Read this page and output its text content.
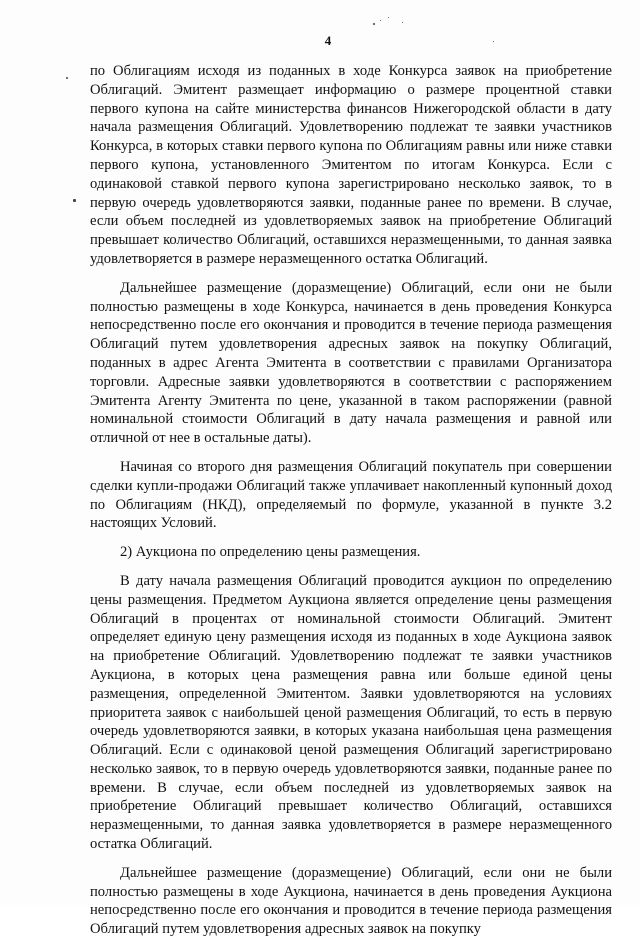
4

по Облигациям исходя из поданных в ходе Конкурса заявок на приобретение Облигаций. Эмитент размещает информацию о размере процентной ставки первого купона на сайте министерства финансов Нижегородской области в дату начала размещения Облигаций. Удовлетворению подлежат те заявки участников Конкурса, в которых ставки первого купона по Облигациям равны или ниже ставки первого купона, установленного Эмитентом по итогам Конкурса. Если с одинаковой ставкой первого купона зарегистрировано несколько заявок, то в первую очередь удовлетворяются заявки, поданные ранее по времени. В случае, если объем последней из удовлетворяемых заявок на приобретение Облигаций превышает количество Облигаций, оставшихся неразмещенными, то данная заявка удовлетворяется в размере неразмещенного остатка Облигаций.

Дальнейшее размещение (доразмещение) Облигаций, если они не были полностью размещены в ходе Конкурса, начинается в день проведения Конкурса непосредственно после его окончания и проводится в течение периода размещения Облигаций путем удовлетворения адресных заявок на покупку Облигаций, поданных в адрес Агента Эмитента в соответствии с правилами Организатора торговли. Адресные заявки удовлетворяются в соответствии с распоряжением Эмитента Агенту Эмитента по цене, указанной в таком распоряжении (равной номинальной стоимости Облигаций в дату начала размещения и равной или отличной от нее в остальные даты).

Начиная со второго дня размещения Облигаций покупатель при совершении сделки купли-продажи Облигаций также уплачивает накопленный купонный доход по Облигациям (НКД), определяемый по формуле, указанной в пункте 3.2 настоящих Условий.

2) Аукциона по определению цены размещения.

В дату начала размещения Облигаций проводится аукцион по определению цены размещения. Предметом Аукциона является определение цены размещения Облигаций в процентах от номинальной стоимости Облигаций. Эмитент определяет единую цену размещения исходя из поданных в ходе Аукциона заявок на приобретение Облигаций. Удовлетворению подлежат те заявки участников Аукциона, в которых цена размещения равна или больше единой цены размещения, определенной Эмитентом. Заявки удовлетворяются на условиях приоритета заявок с наибольшей ценой размещения Облигаций, то есть в первую очередь удовлетворяются заявки, в которых указана наибольшая цена размещения Облигаций. Если с одинаковой ценой размещения Облигаций зарегистрировано несколько заявок, то в первую очередь удовлетворяются заявки, поданные ранее по времени. В случае, если объем последней из удовлетворяемых заявок на приобретение Облигаций превышает количество Облигаций, оставшихся неразмещенными, то данная заявка удовлетворяется в размере неразмещенного остатка Облигаций.

Дальнейшее размещение (доразмещение) Облигаций, если они не были полностью размещены в ходе Аукциона, начинается в день проведения Аукциона непосредственно после его окончания и проводится в течение периода размещения Облигаций путем удовлетворения адресных заявок на покупку
